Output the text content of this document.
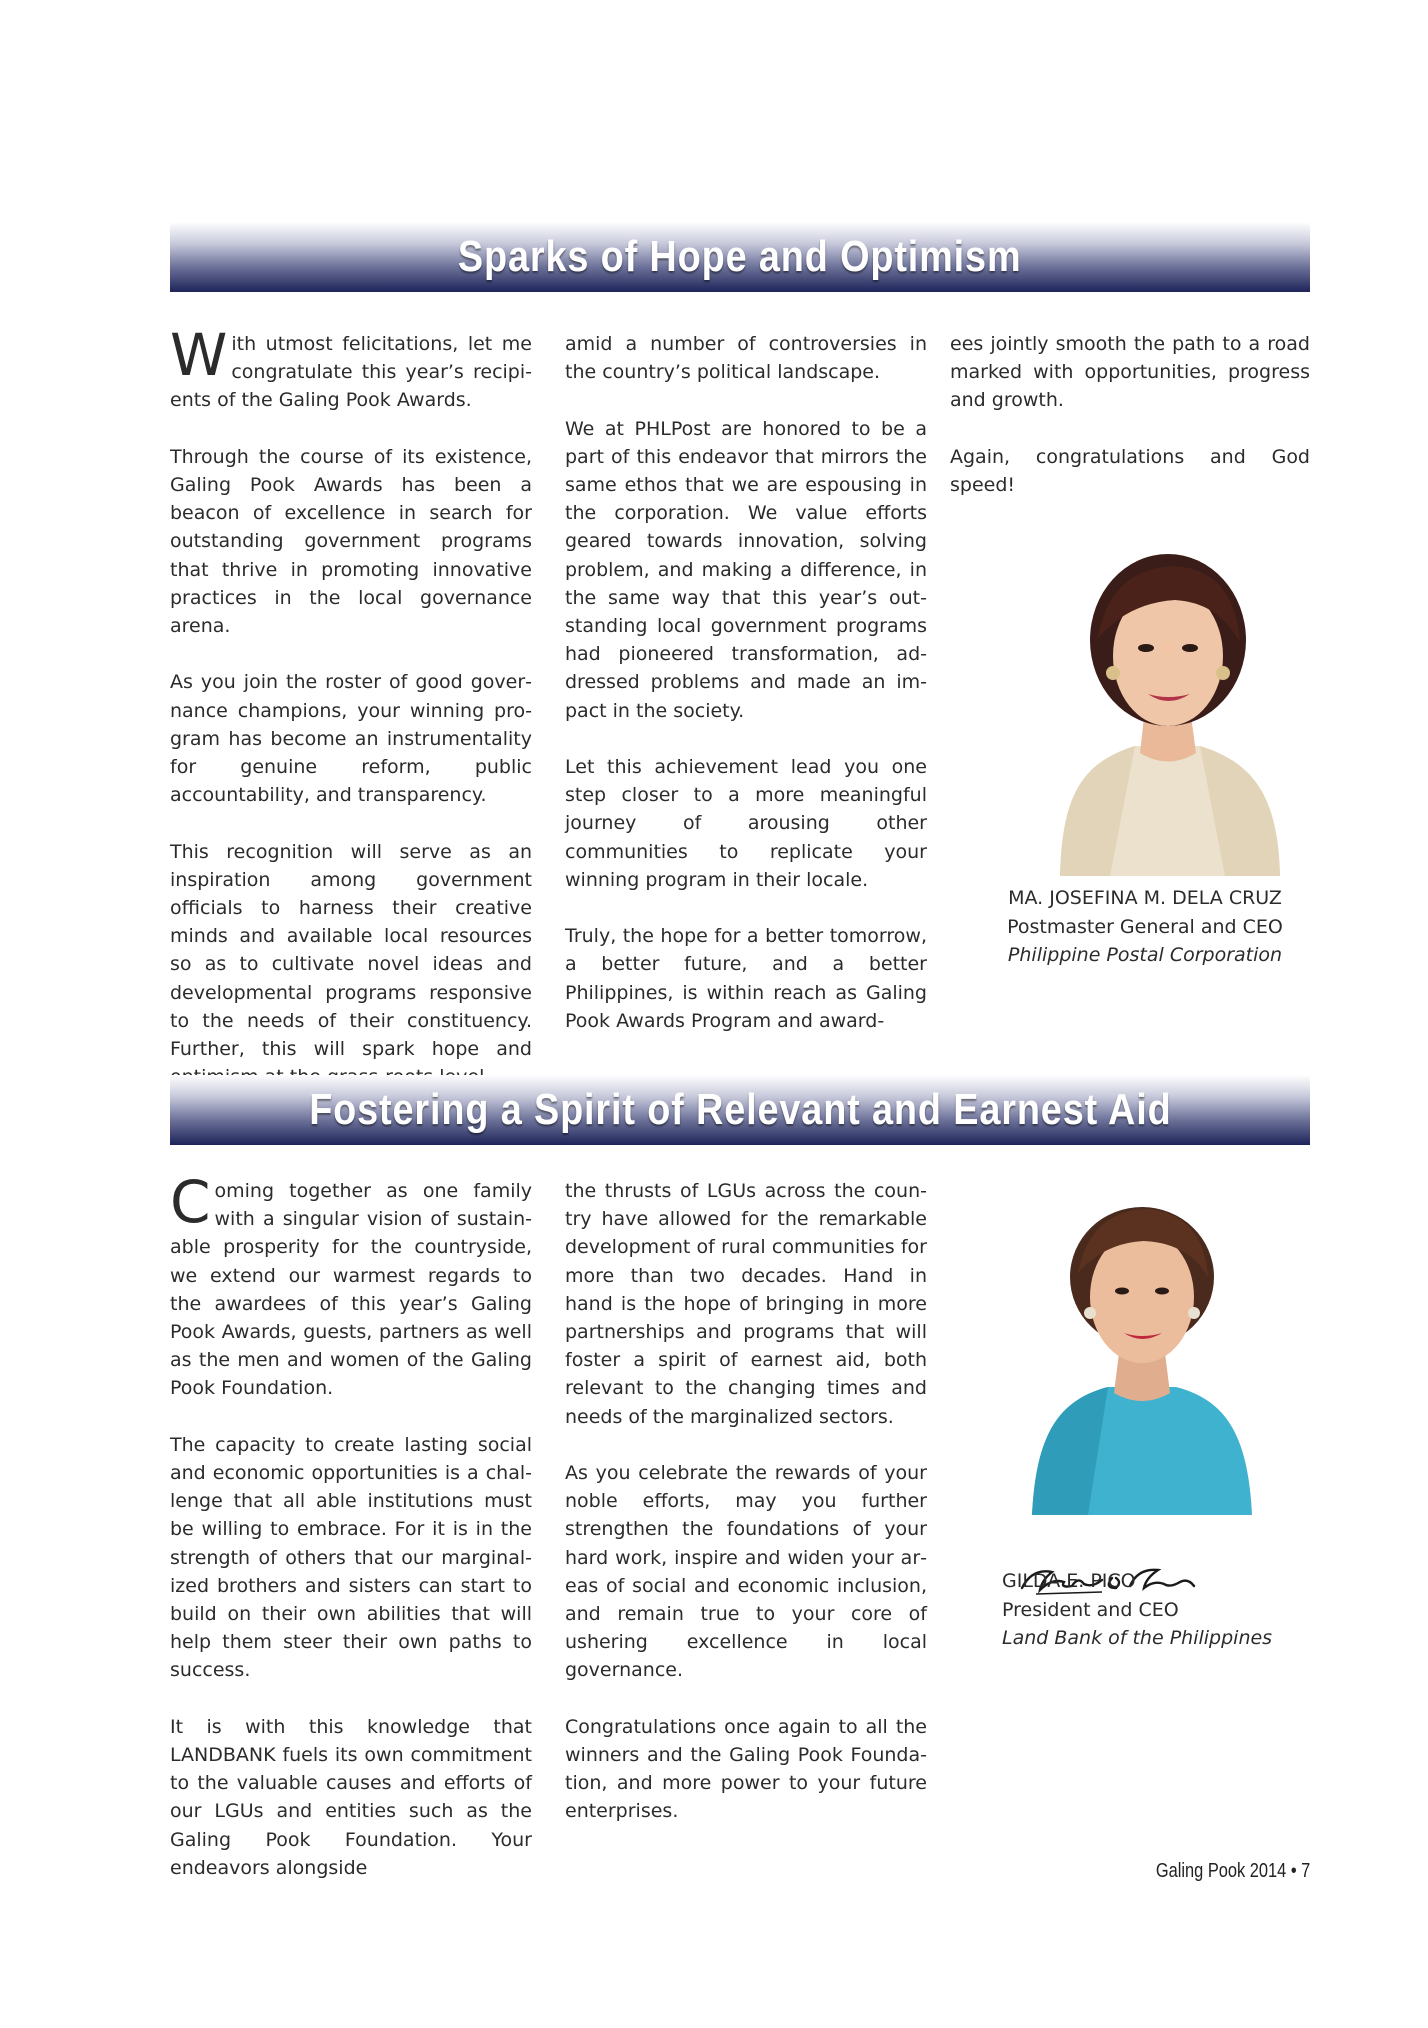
Sparks of Hope and Optimism

With utmost felicitations, let me congratulate this year’s recipients of the Galing Pook Awards.

Through the course of its existence, Galing Pook Awards has been a beacon of excellence in search for outstanding government programs that thrive in promoting innovative practices in the local governance arena.

As you join the roster of good governance champions, your winning program has become an instrumentality for genuine reform, public accountability, and transparency.

This recognition will serve as an inspiration among government officials to harness their creative minds and available local resources so as to cultivate novel ideas and developmental programs responsive to the needs of their constituency. Further, this will spark hope and

amid a number of controversies in the country’s political landscape.

We at PHLPost are honored to be a part of this endeavor that mirrors the same ethos that we are espousing in the corporation. We value efforts geared towards innovation, solving problem, and making a difference, in the same way that this year’s outstanding local government programs had pioneered transformation, addressed problems and made an impact in the society.

Let this achievement lead you one step closer to a more meaningful journey of arousing other communities to replicate your winning program in their locale.

Truly, the hope for a better tomorrow, a better future, and a better Philippines, is within reach as Galing Pook Awards Program and award-

ees jointly smooth the path to a road marked with opportunities, progress and growth.

Again, congratulations and God speed!

MA. JOSEFINA M. DELA CRUZ
Postmaster General and CEO
Philippine Postal Corporation
Fostering a Spirit of Relevant and Earnest Aid

Coming together as one family with a singular vision of sustainable prosperity for the countryside, we extend our warmest regards to the awardees of this year’s Galing Pook Awards, guests, partners as well as the men and women of the Galing Pook Foundation.

The capacity to create lasting social and economic opportunities is a challenge that all able institutions must be willing to embrace. For it is in the strength of others that our marginalized brothers and sisters can start to build on their own abilities that will help them steer their own paths to success.

It is with this knowledge that LANDBANK fuels its own commitment to the valuable causes and efforts of our LGUs and entities such as the Galing Pook Foundation. Your endeavors alongside

the thrusts of LGUs across the country have allowed for the remarkable development of rural communities for more than two decades. Hand in hand is the hope of bringing in more partnerships and programs that will foster a spirit of earnest aid, both relevant to the changing times and needs of the marginalized sectors.

As you celebrate the rewards of your noble efforts, may you further strengthen the foundations of your hard work, inspire and widen your areas of social and economic inclusion, and remain true to your core of ushering excellence in local governance.

Congratulations once again to all the winners and the Galing Pook Foundation, and more power to your future enterprises.

GILDA E. PICO
President and CEO
Land Bank of the Philippines
Galing Pook 2014 • 7
